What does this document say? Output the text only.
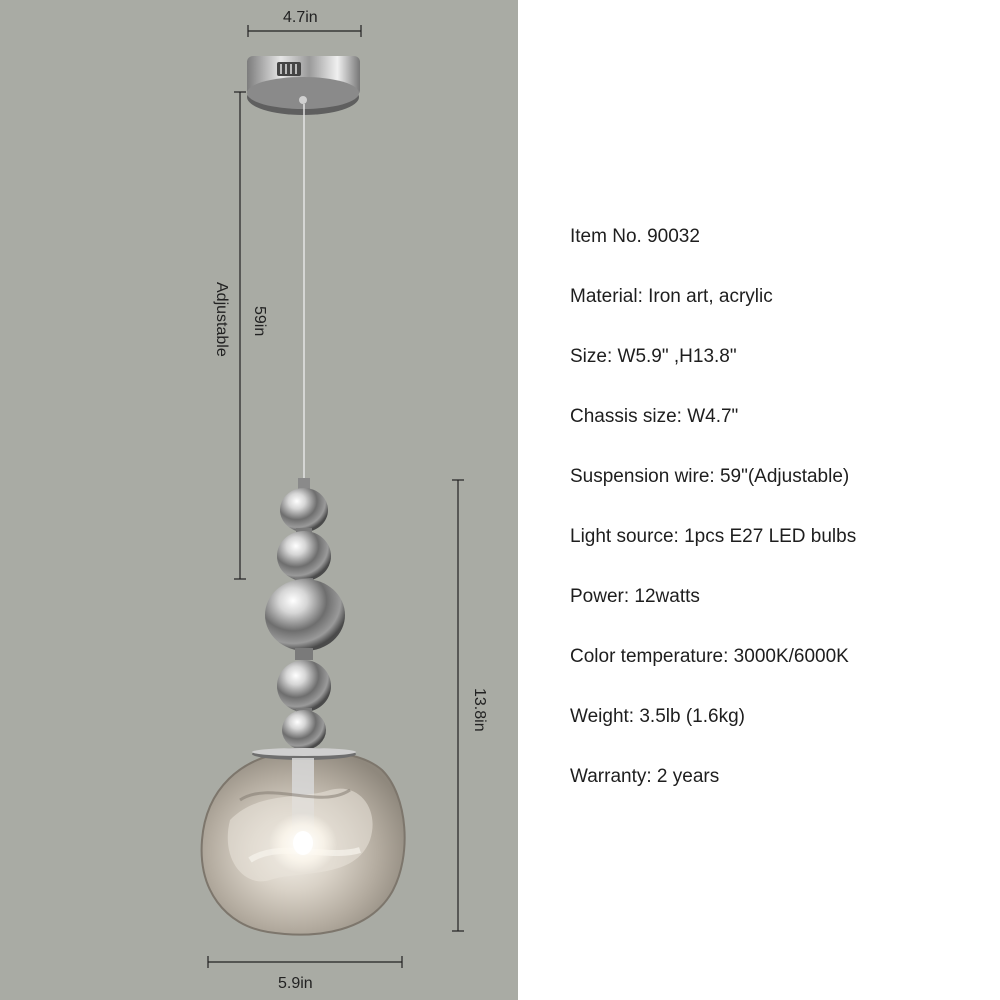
4.7in
59in
Adjustable
13.8in
5.9in
Item No. 90032
Material: Iron art, acrylic
Size: W5.9" ,H13.8"
Chassis size: W4.7"
Suspension wire: 59"(Adjustable)
Light source: 1pcs E27 LED bulbs
Power: 12watts
Color temperature: 3000K/6000K
Weight: 3.5lb (1.6kg)
Warranty: 2 years
